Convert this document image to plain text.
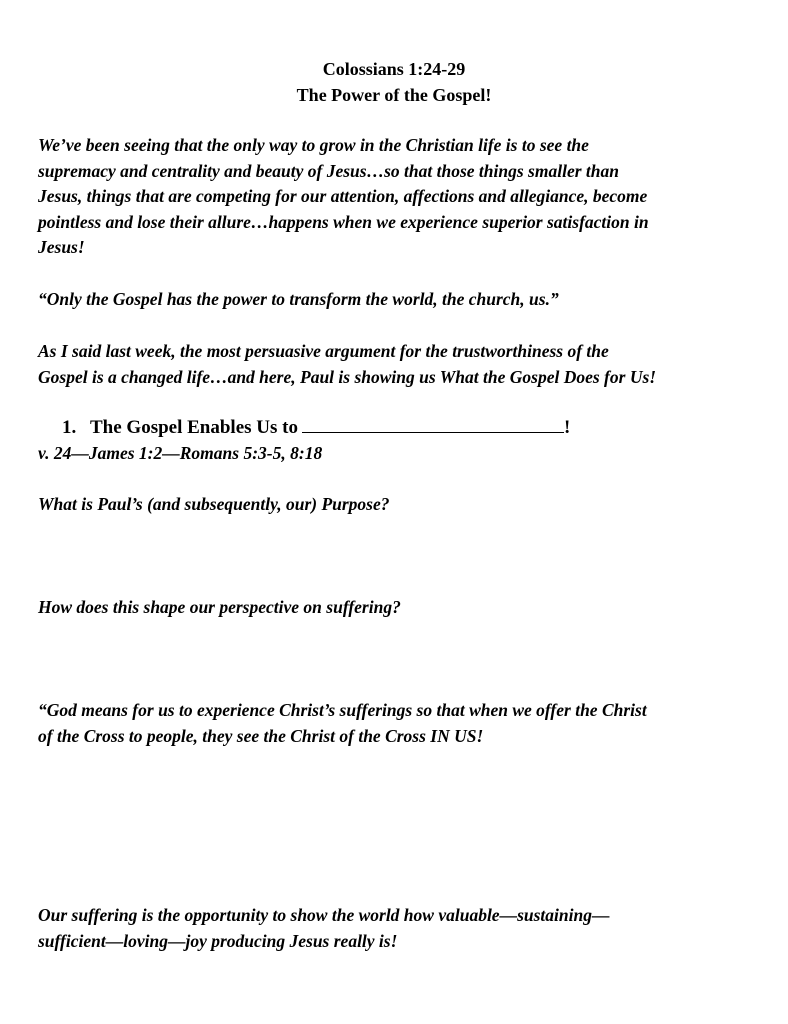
Colossians 1:24-29
The Power of the Gospel!
We’ve been seeing that the only way to grow in the Christian life is to see the
supremacy and centrality and beauty of Jesus…so that those things smaller than
Jesus, things that are competing for our attention, affections and allegiance, become
pointless and lose their allure…happens when we experience superior satisfaction in
Jesus!
“Only the Gospel has the power to transform the world, the church, us.”
As I said last week, the most persuasive argument for the trustworthiness of the
Gospel is a changed life…and here, Paul is showing us What the Gospel Does for Us!
1. The Gospel Enables Us to	!
v. 24—James 1:2—Romans 5:3-5, 8:18
What is Paul’s (and subsequently, our) Purpose?
How does this shape our perspective on suffering?
“God means for us to experience Christ’s sufferings so that when we offer the Christ
of the Cross to people, they see the Christ of the Cross IN US!
Our suffering is the opportunity to show the world how valuable—sustaining—
sufficient—loving—joy producing Jesus really is!
